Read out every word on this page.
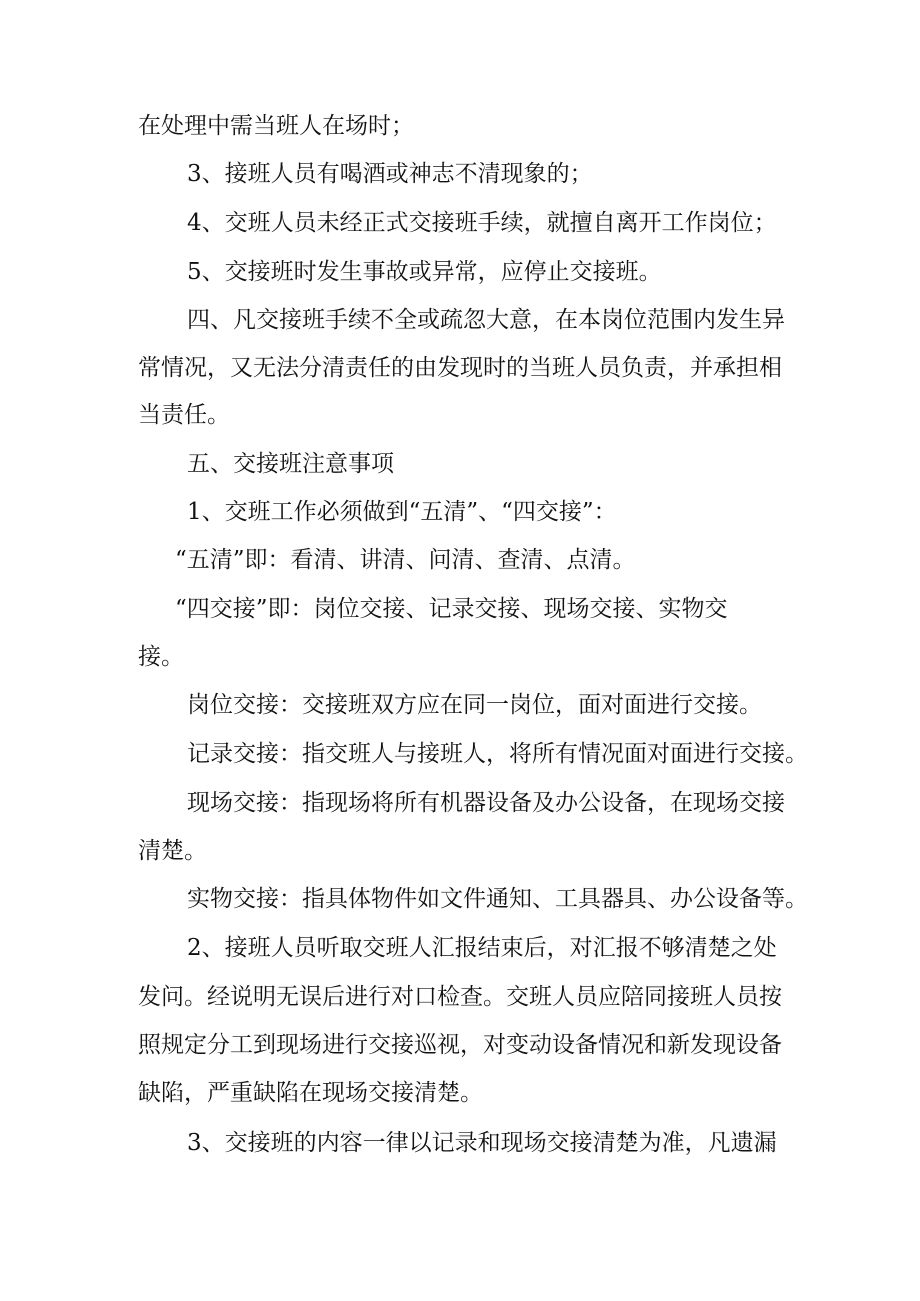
在处理中需当班人在场时；
3、接班人员有喝酒或神志不清现象的；
4、交班人员未经正式交接班手续，就擅自离开工作岗位；
5、交接班时发生事故或异常，应停止交接班。
四、凡交接班手续不全或疏忽大意，在本岗位范围内发生异
常情况，又无法分清责任的由发现时的当班人员负责，并承担相
当责任。
五、交接班注意事项
1、交班工作必须做到“五清”、“四交接”：
“五清”即：看清、讲清、问清、查清、点清。
“四交接”即：岗位交接、记录交接、现场交接、实物交
接。
岗位交接：交接班双方应在同一岗位，面对面进行交接。
记录交接：指交班人与接班人，将所有情况面对面进行交接。
现场交接：指现场将所有机器设备及办公设备，在现场交接
清楚。
实物交接：指具体物件如文件通知、工具器具、办公设备等。
2、接班人员听取交班人汇报结束后，对汇报不够清楚之处
发问。经说明无误后进行对口检查。交班人员应陪同接班人员按
照规定分工到现场进行交接巡视，对变动设备情况和新发现设备
缺陷，严重缺陷在现场交接清楚。
3、交接班的内容一律以记录和现场交接清楚为准，凡遗漏
